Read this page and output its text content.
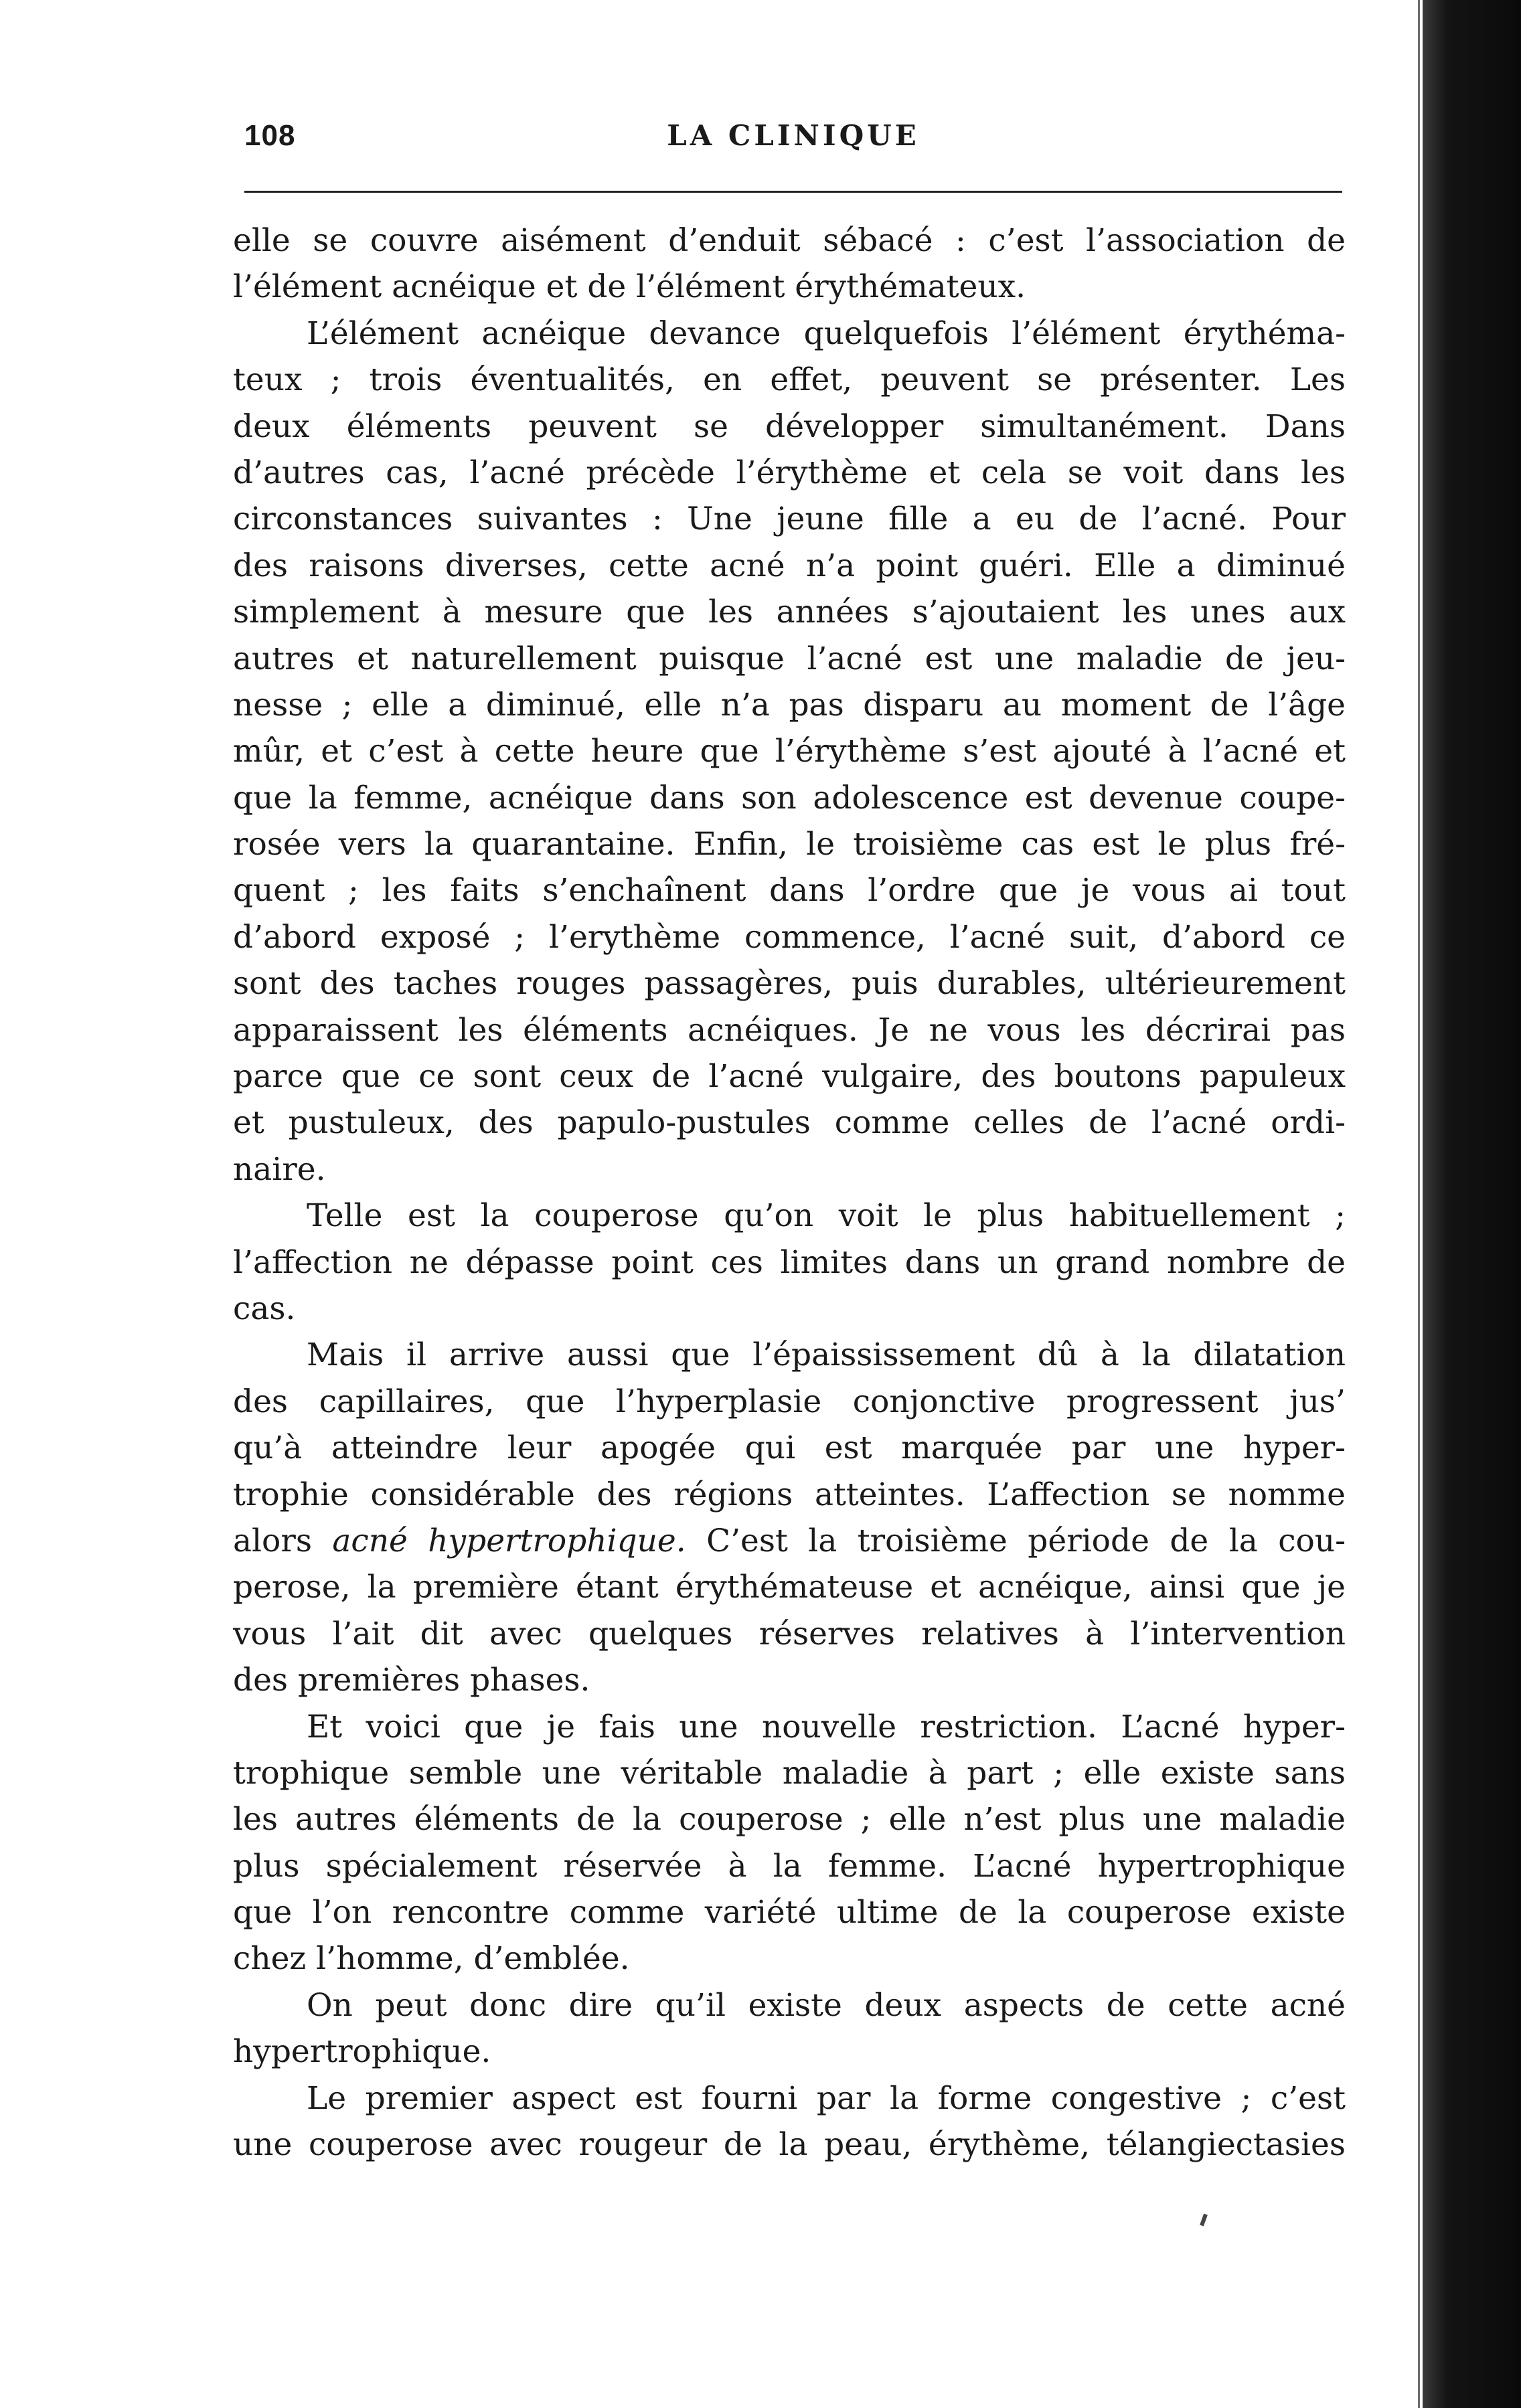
108	LA CLINIQUE
elle se couvre aisément d’enduit sébacé : c’est l’association de
l’élément acnéique et de l’élément érythémateux.
L’élément acnéique devance quelquefois l’élément érythéma-
teux ; trois éventualités, en effet, peuvent se présenter. Les
deux éléments peuvent se développer simultanément. Dans
d’autres cas, l’acné précède l’érythème et cela se voit dans les
circonstances suivantes : Une jeune fille a eu de l’acné. Pour
des raisons diverses, cette acné n’a point guéri. Elle a diminué
simplement à mesure que les années s’ajoutaient les unes aux
autres et naturellement puisque l’acné est une maladie de jeu-
nesse ; elle a diminué, elle n’a pas disparu au moment de l’âge
mûr, et c’est à cette heure que l’érythème s’est ajouté à l’acné et
que la femme, acnéique dans son adolescence est devenue coupe-
rosée vers la quarantaine. Enfin, le troisième cas est le plus fré-
quent ; les faits s’enchaînent dans l’ordre que je vous ai tout
d’abord exposé ; l’erythème commence, l’acné suit, d’abord ce
sont des taches rouges passagères, puis durables, ultérieurement
apparaissent les éléments acnéiques. Je ne vous les décrirai pas
parce que ce sont ceux de l’acné vulgaire, des boutons papuleux
et pustuleux, des papulo-pustules comme celles de l’acné ordi-
naire.
Telle est la couperose qu’on voit le plus habituellement ;
l’affection ne dépasse point ces limites dans un grand nombre de
cas.
Mais il arrive aussi que l’épaississement dû à la dilatation
des capillaires, que l’hyperplasie conjonctive progressent jus’
qu’à atteindre leur apogée qui est marquée par une hyper-
trophie considérable des régions atteintes. L’affection se nomme
alors acné hypertrophique. C’est la troisième période de la cou-
perose, la première étant érythémateuse et acnéique, ainsi que je
vous l’ait dit avec quelques réserves relatives à l’intervention
des premières phases.
Et voici que je fais une nouvelle restriction. L’acné hyper-
trophique semble une véritable maladie à part ; elle existe sans
les autres éléments de la couperose ; elle n’est plus une maladie
plus spécialement réservée à la femme. L’acné hypertrophique
que l’on rencontre comme variété ultime de la couperose existe
chez l’homme, d’emblée.
On peut donc dire qu’il existe deux aspects de cette acné
hypertrophique.
Le premier aspect est fourni par la forme congestive ; c’est
une couperose avec rougeur de la peau, érythème, télangiectasies
